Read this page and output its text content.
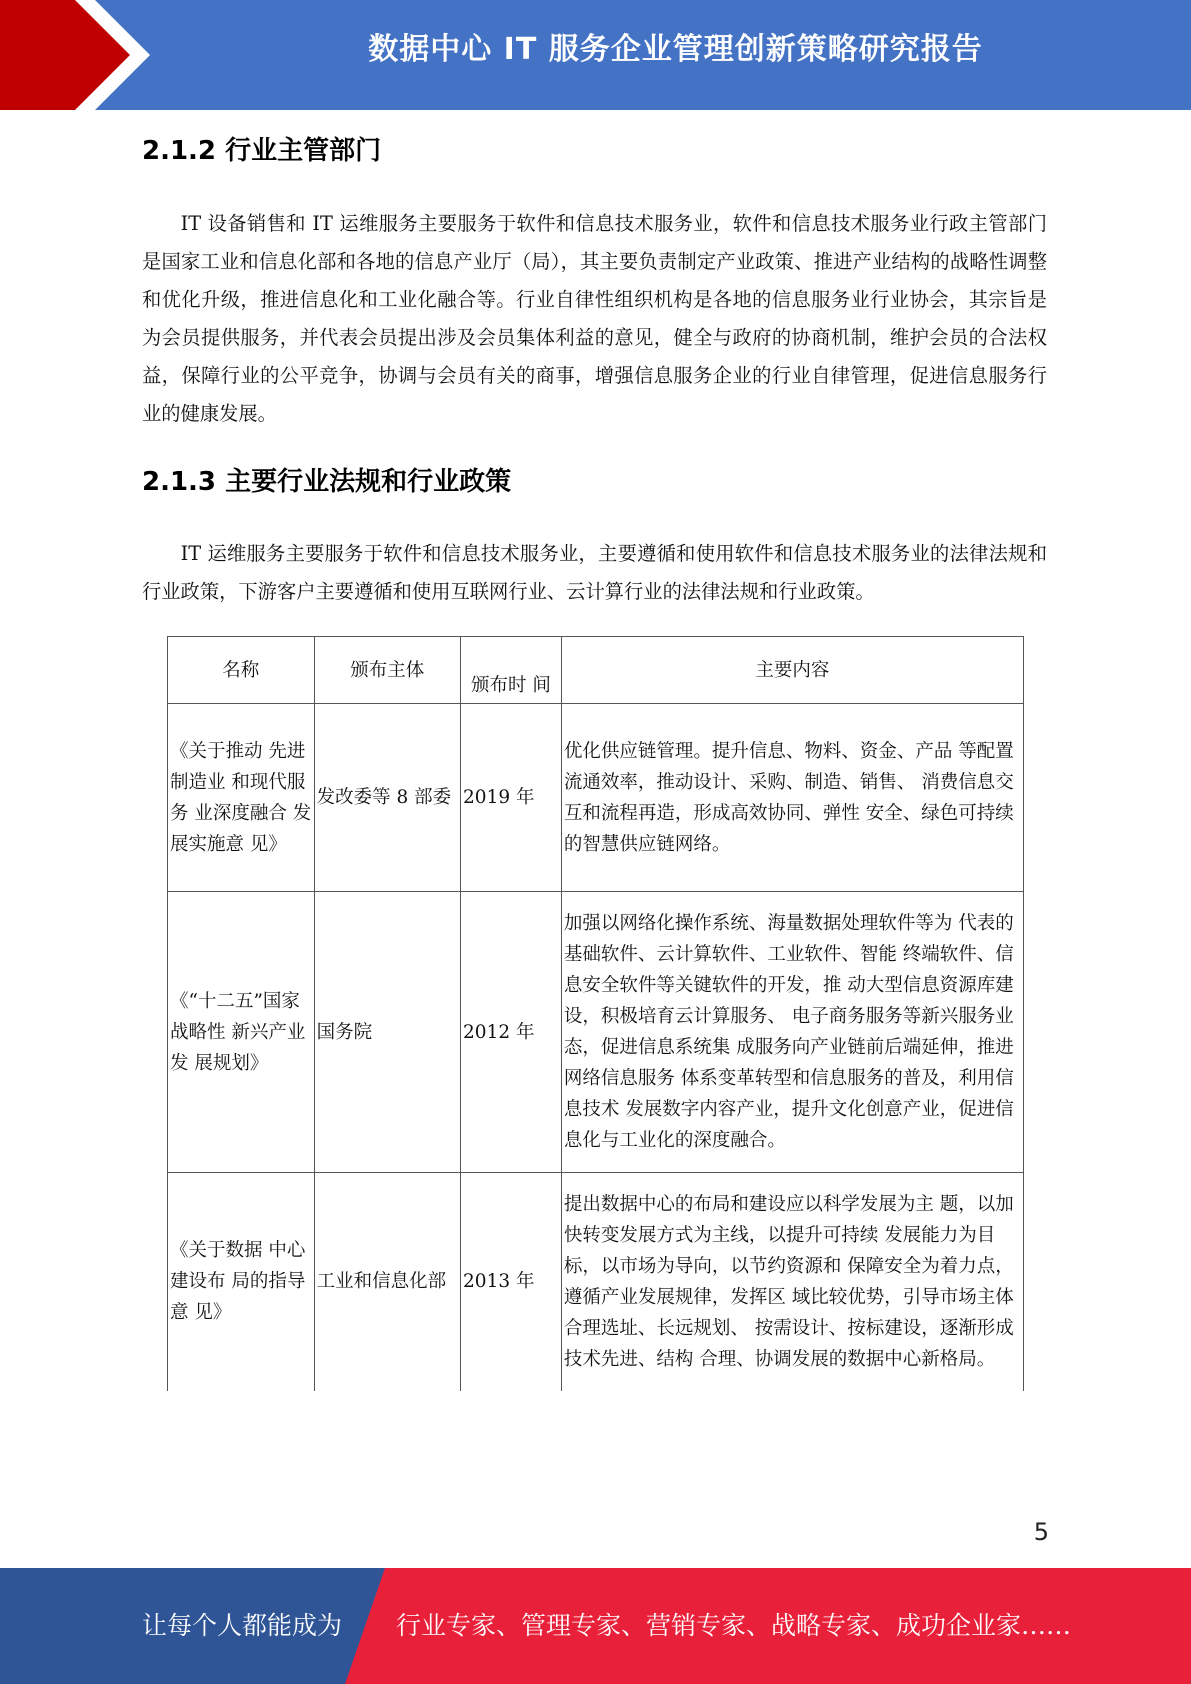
数据中心 IT 服务企业管理创新策略研究报告
2.1.2 行业主管部门

IT 设备销售和 IT 运维服务主要服务于软件和信息技术服务业，软件和信息技术服务业行政主管部门是国家工业和信息化部和各地的信息产业厅（局），其主要负责制定产业政策、推进产业结构的战略性调整和优化升级，推进信息化和工业化融合等。行业自律性组织机构是各地的信息服务业行业协会，其宗旨是为会员提供服务，并代表会员提出涉及会员集体利益的意见，健全与政府的协商机制，维护会员的合法权益，保障行业的公平竞争，协调与会员有关的商事，增强信息服务企业的行业自律管理，促进信息服务行业的健康发展。

2.1.3 主要行业法规和行业政策

IT 运维服务主要服务于软件和信息技术服务业，主要遵循和使用软件和信息技术服务业的法律法规和行业政策，下游客户主要遵循和使用互联网行业、云计算行业的法律法规和行业政策。

名称	颁布主体	颁布时 间	主要内容
《关于推动 先进制造业 和现代服务 业深度融合 发展实施意 见》	发改委等 8 部委	2019 年	优化供应链管理。提升信息、物料、资金、产品 等配置流通效率，推动设计、采购、制造、销售、 消费信息交互和流程再造，形成高效协同、弹性 安全、绿色可持续的智慧供应链网络。
《“十二五”国家战略性 新兴产业发 展规划》	国务院	2012 年	加强以网络化操作系统、海量数据处理软件等为 代表的基础软件、云计算软件、工业软件、智能 终端软件、信息安全软件等关键软件的开发，推 动大型信息资源库建设，积极培育云计算服务、 电子商务服务等新兴服务业态，促进信息系统集 成服务向产业链前后端延伸，推进网络信息服务 体系变革转型和信息服务的普及，利用信息技术 发展数字内容产业，提升文化创意产业，促进信 息化与工业化的深度融合。
《关于数据 中心建设布 局的指导意 见》	工业和信息化部	2013 年	提出数据中心的布局和建设应以科学发展为主 题，以加快转变发展方式为主线，以提升可持续 发展能力为目标，以市场为导向，以节约资源和 保障安全为着力点，遵循产业发展规律，发挥区 域比较优势，引导市场主体合理选址、长远规划、 按需设计、按标建设，逐渐形成技术先进、结构 合理、协调发展的数据中心新格局。
5
让每个人都能成为 行业专家、管理专家、营销专家、战略专家、成功企业家……
